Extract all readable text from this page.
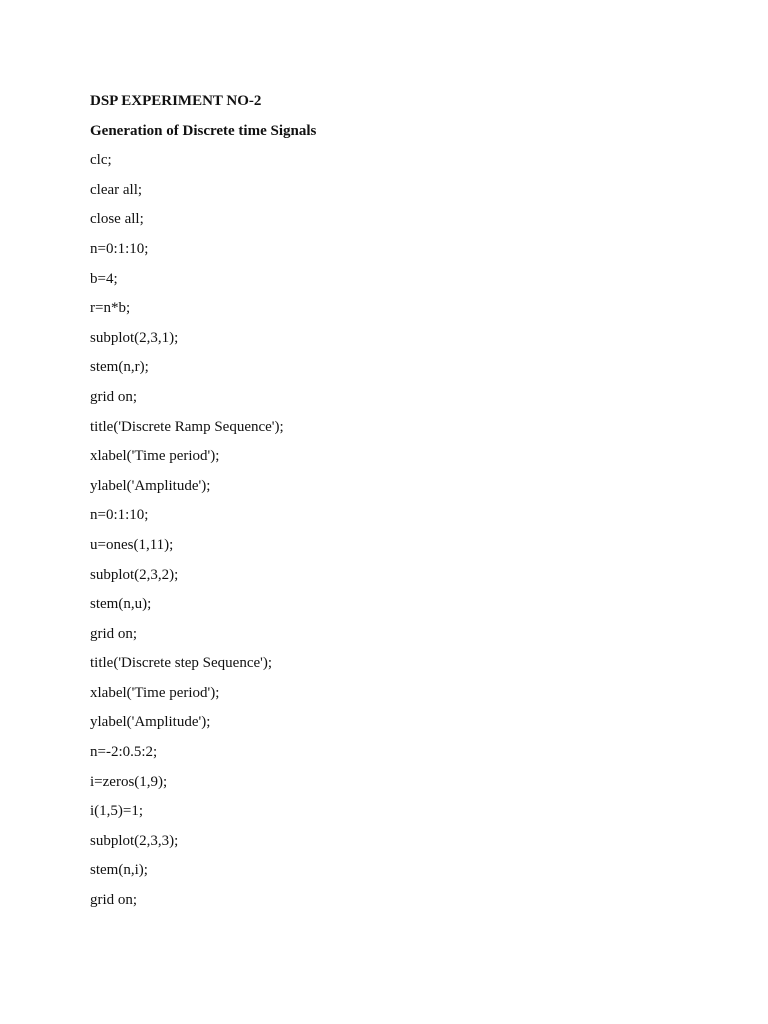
DSP EXPERIMENT NO-2
Generation of Discrete time Signals
clc;
clear all;
close all;
n=0:1:10;
b=4;
r=n*b;
subplot(2,3,1);
stem(n,r);
grid on;
title('Discrete Ramp Sequence');
xlabel('Time period');
ylabel('Amplitude');
n=0:1:10;
u=ones(1,11);
subplot(2,3,2);
stem(n,u);
grid on;
title('Discrete step Sequence');
xlabel('Time period');
ylabel('Amplitude');
n=-2:0.5:2;
i=zeros(1,9);
i(1,5)=1;
subplot(2,3,3);
stem(n,i);
grid on;
